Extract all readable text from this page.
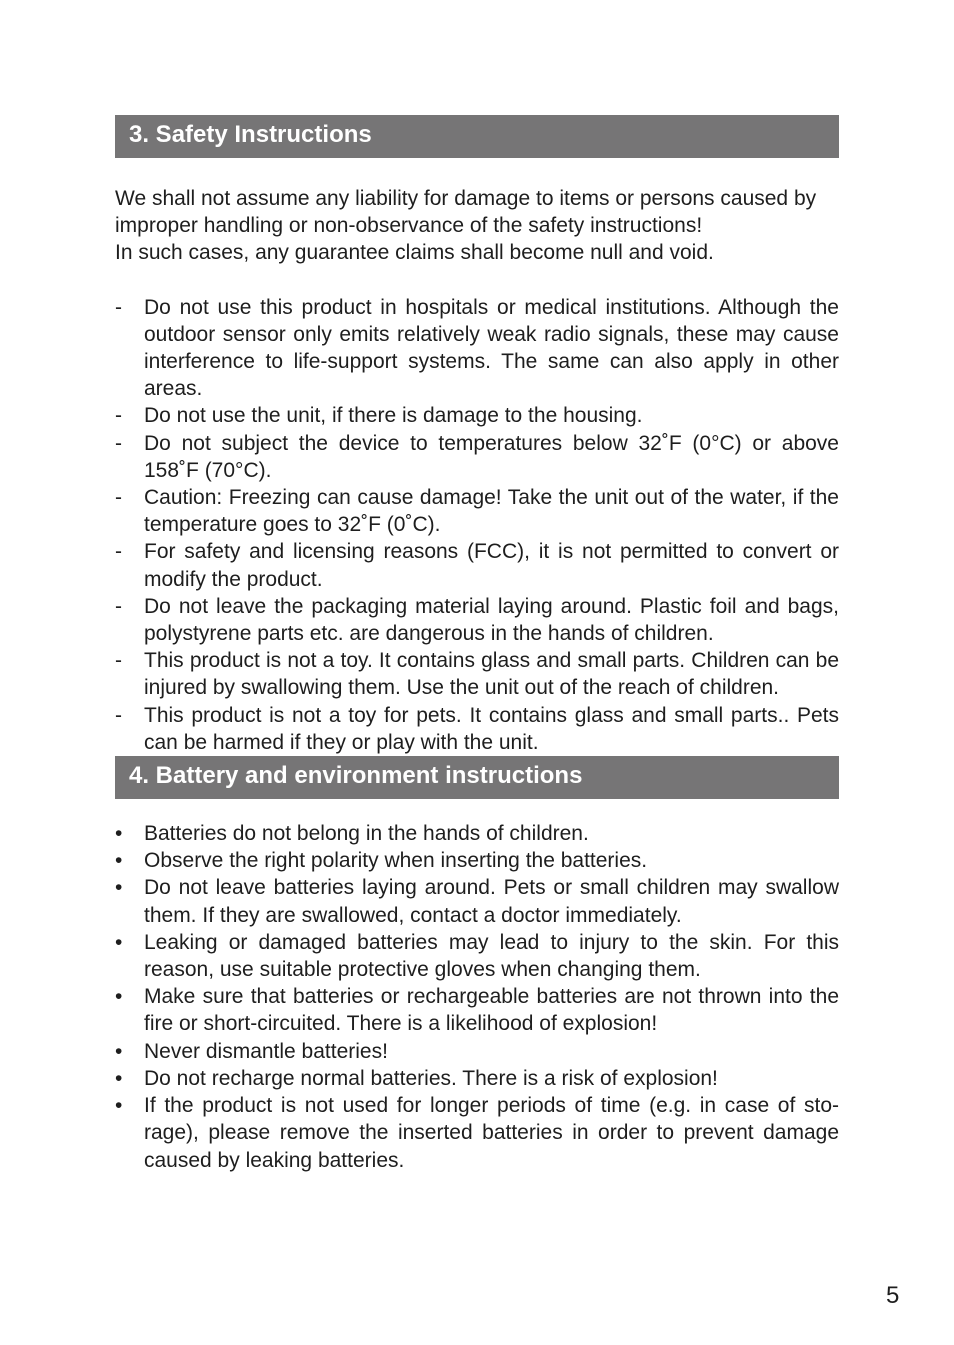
3. Safety Instructions

We shall not assume any liability for damage to items or persons caused by improper handling or non-observance of the safety instructions!

In such cases, any guarantee claims shall become null and void.

- Do not use this product in hospitals or medical institutions. Although the outdoor sensor only emits relatively weak radio signals, these may cause interference to life-support systems. The same can also apply in other areas.
- Do not use the unit, if there is damage to the housing.
- Do not subject the device to temperatures below 32˚F (0°C) or above 158˚F (70°C).
- Caution: Freezing can cause damage! Take the unit out of the water, if the temperature goes to 32˚F (0˚C).
- For safety and licensing reasons (FCC), it is not permitted to convert or modify the product.
- Do not leave the packaging material laying around. Plastic foil and bags, polystyrene parts etc. are dangerous in the hands of children.
- This product is not a toy. It contains glass and small parts. Children can be injured by swallowing them. Use the unit out of the reach of children.
- This product is not a toy for pets. It contains glass and small parts.. Pets can be harmed if they or play with the unit.
4. Battery and environment instructions
• Batteries do not belong in the hands of children.
• Observe the right polarity when inserting the batteries.
• Do not leave batteries laying around. Pets or small children may swallow them. If they are swallowed, contact a doctor immediately.
• Leaking or damaged batteries may lead to injury to the skin. For this reason, use suitable protective gloves when changing them.
• Make sure that batteries or rechargeable batteries are not thrown into the fire or short-circuited. There is a likelihood of explosion!
• Never dismantle batteries!
• Do not recharge normal batteries. There is a risk of explosion!
• If the product is not used for longer periods of time (e.g. in case of sto-rage), please remove the inserted batteries in order to prevent damage caused by leaking batteries.
5
